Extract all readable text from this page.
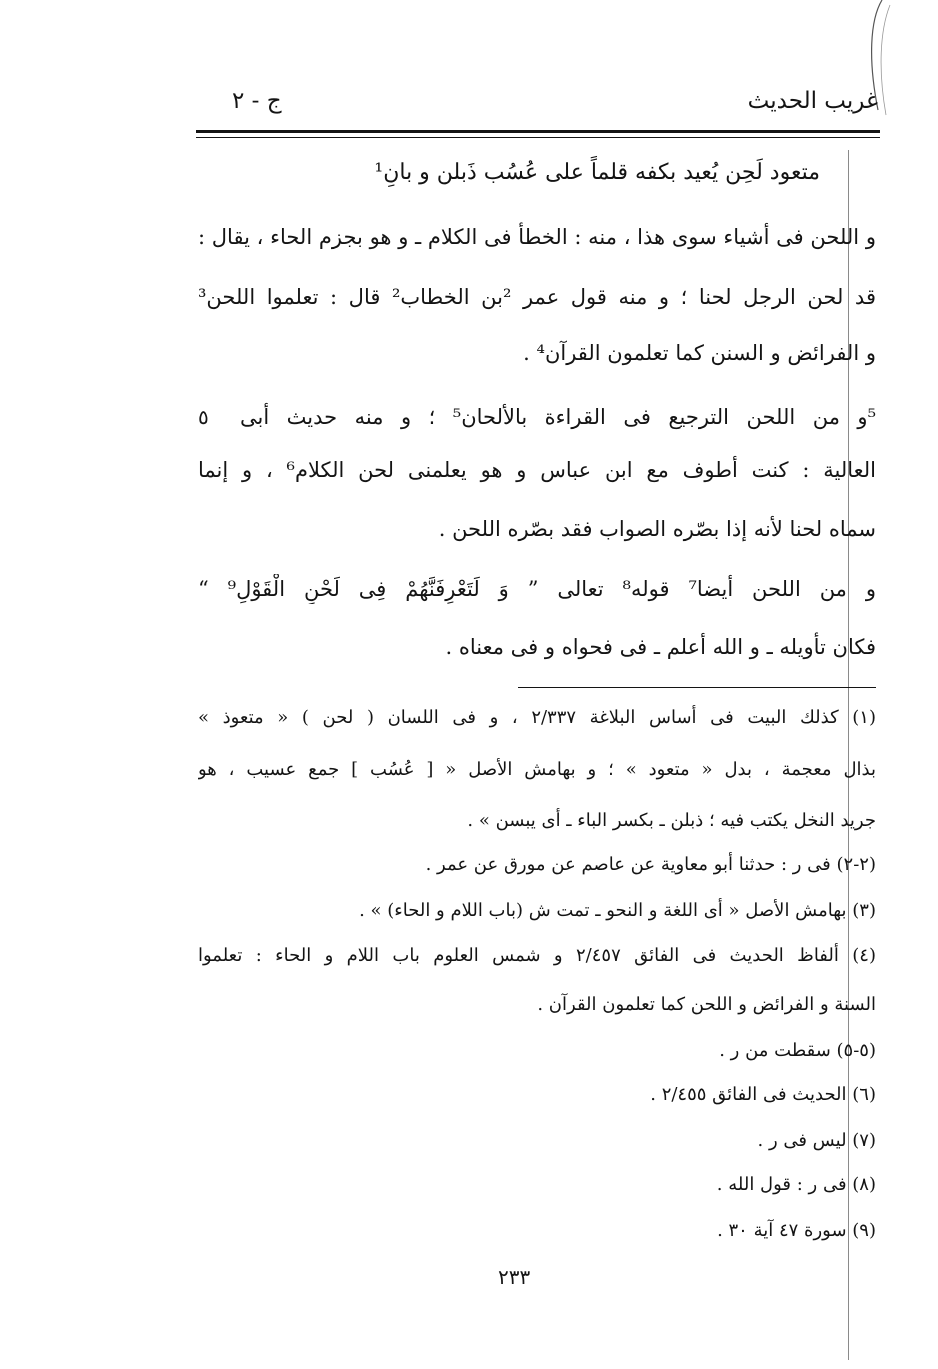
غريب الحديث
ج - ٢
متعود لَحِن يُعيد بكفه قلماً على عُسُب ذَبلن و بانِ¹
و اللحن فى أشياء سوى هذا ، منه : الخطأ فى الكلام ـ و هو بجزم الحاء ، يقال :
قد لحن الرجل لحنا ؛ و منه قول عمر ²بن الخطاب² قال : تعلموا اللحن³
و الفرائض و السنن كما تعلمون القرآن⁴ .
⁵و من اللحن الترجيع فى القراءة بالألحان⁵ ؛ و منه حديث أبى
٥
العالية : كنت أطوف مع ابن عباس و هو يعلمنى لحن الكلام⁶ ، و إنما
سماه لحنا لأنه إذا بصّره الصواب فقد بصّره اللحن .
و من اللحن أيضا⁷ قوله⁸ تعالى ” وَ لَتَعْرِفَنَّهُمْ فِى لَحْنِ الْقَوْلِ⁹ “
فكان تأويله ـ و الله أعلم ـ فى فحواه و فى معناه .
(١) كذلك البيت فى أساس البلاغة ٢/٣٣٧ ، و فى اللسان ( لحن ) « متعوذ »
بذال معجمة ، بدل « متعود » ؛ و بهامش الأصل « [ عُسُب ] جمع عسيب ، هو
جريد النخل يكتب فيه ؛ ذبلن ـ بكسر الباء ـ أى يبسن » .
(٢-٢) فى ر : حدثنا أبو معاوية عن عاصم عن مورق عن عمر .
(٣) بهامش الأصل « أى اللغة و النحو ـ تمت ش (باب اللام و الحاء) » .
(٤) ألفاظ الحديث فى الفائق ٢/٤٥٧ و شمس العلوم باب اللام و الحاء : تعلموا
السنة و الفرائض و اللحن كما تعلمون القرآن .
(٥-٥) سقطت من ر .
(٦) الحديث فى الفائق ٢/٤٥٥ .
(٧) ليس فى ر .
(٨) فى ر : قول الله .
(٩) سورة ٤٧ آية ٣٠ .
٢٣٣
